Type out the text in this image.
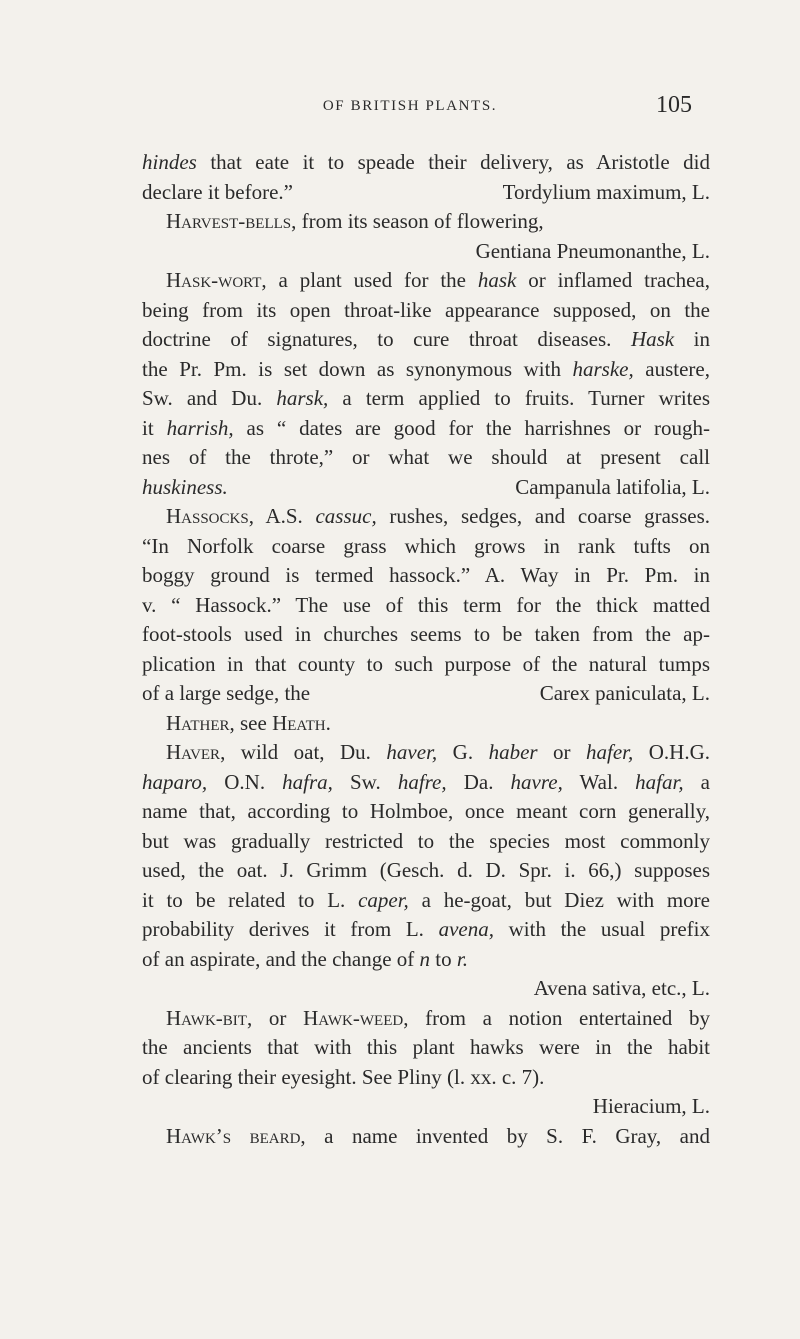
OF BRITISH PLANTS.	105
hindes that eate it to speade their delivery, as Aristotle did
declare it before.”	Tordylium maximum, L.
Harvest-bells, from its season of flowering,
Gentiana Pneumonanthe, L.
Hask-wort, a plant used for the hask or inflamed trachea,
being from its open throat-like appearance supposed, on the
doctrine of signatures, to cure throat diseases. Hask in
the Pr. Pm. is set down as synonymous with harske, austere,
Sw. and Du. harsk, a term applied to fruits. Turner writes
it harrish, as “ dates are good for the harrishnes or rough-
nes of the throte,” or what we should at present call
huskiness.	Campanula latifolia, L.
Hassocks, A.S. cassuc, rushes, sedges, and coarse grasses.
“In Norfolk coarse grass which grows in rank tufts on
boggy ground is termed hassock.” A. Way in Pr. Pm. in
v. “ Hassock.” The use of this term for the thick matted
foot-stools used in churches seems to be taken from the ap-
plication in that county to such purpose of the natural tumps
of a large sedge, the	Carex paniculata, L.
Hather, see Heath.
Haver, wild oat, Du. haver, G. haber or hafer, O.H.G.
haparo, O.N. hafra, Sw. hafre, Da. havre, Wal. hafar, a
name that, according to Holmboe, once meant corn generally,
but was gradually restricted to the species most commonly
used, the oat. J. Grimm (Gesch. d. D. Spr. i. 66,) supposes
it to be related to L. caper, a he-goat, but Diez with more
probability derives it from L. avena, with the usual prefix
of an aspirate, and the change of n to r.
Avena sativa, etc., L.
Hawk-bit, or Hawk-weed, from a notion entertained by
the ancients that with this plant hawks were in the habit
of clearing their eyesight. See Pliny (l. xx. c. 7).
Hieracium, L.
Hawk’s beard, a name invented by S. F. Gray, and
